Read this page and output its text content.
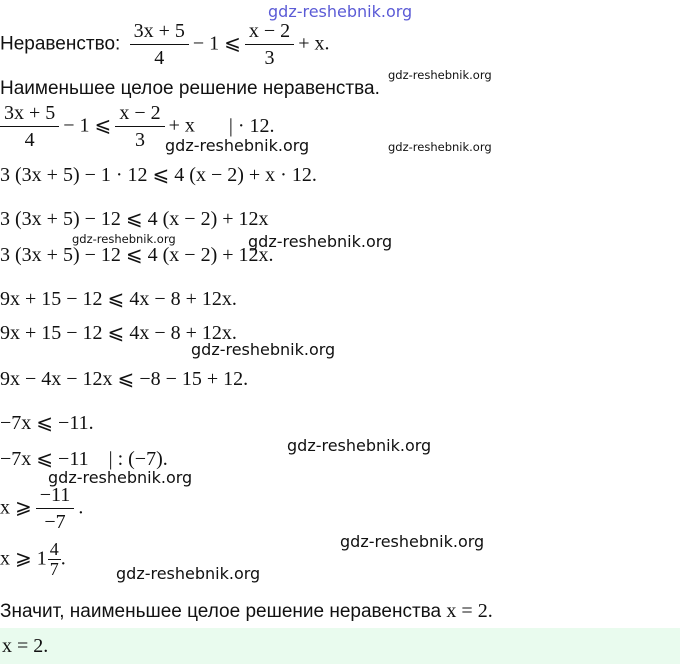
gdz-reshebnik.org
gdz-reshebnik.org
gdz-reshebnik.org
gdz-reshebnik.org
gdz-reshebnik.org	gdz-reshebnik.org
gdz-reshebnik.org
gdz-reshebnik.org
gdz-reshebnik.org
gdz-reshebnik.org
gdz-reshebnik.org
Неравенство: $\frac{3x + 5}{4} - 1$ ⩽ $\frac{x - 2}{3} + x$.
Наименьшее целое решение неравенства.
$\frac{3x + 5}{4} - 1$ ⩽ $\frac{x - 2}{3} + x$ | · 12.
3 (3x + 5) − 1 · 12 ⩽ 4 (x − 2) + x · 12.
3 (3x + 5) − 12 ⩽ 4 (x − 2) + 12x
3 (3x + 5) − 12 ⩽ 4 (x − 2) + 12x.
9x + 15 − 12 ⩽ 4x − 8 + 12x.
9x + 15 − 12 ⩽ 4x − 8 + 12x.
9x − 4x − 12x ⩽ −8 − 15 + 12.
−7x ⩽ −11.
−7x ⩽ −11    | : (−7).
x ⩾ $\frac{-11}{-7}$ .
x ⩾ $1 \frac{4}{7}$ .
Значит, наименьшее целое решение неравенства x = 2.
x = 2.
